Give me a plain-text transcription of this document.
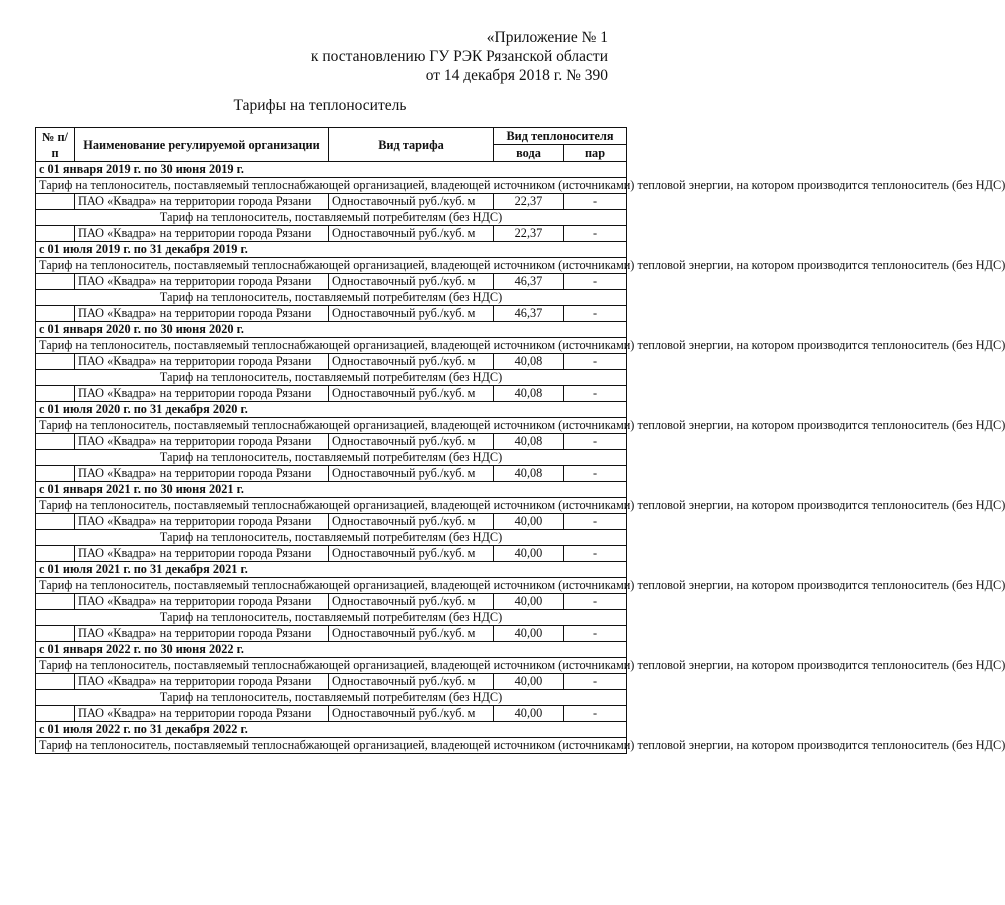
«Приложение № 1
к постановлению ГУ РЭК Рязанской области
от 14 декабря 2018 г. № 390
Тарифы на теплоноситель
№ п/п	Наименование регулируемой организации	Вид тарифа	Вид теплоносителя	
			вода	пар
с 01 января 2019 г. по 30 июня 2019 г.				
Тариф на теплоноситель, поставляемый теплоснабжающей организацией, владеющей источником (источниками) тепловой энергии, на котором производится теплоноситель (без НДС)				
	ПАО «Квадра» на территории города Рязани	Одноставочный руб./куб. м	22,37	-
Тариф на теплоноситель, поставляемый потребителям (без НДС)				
	ПАО «Квадра» на территории города Рязани	Одноставочный руб./куб. м	22,37	-
с 01 июля 2019 г. по 31 декабря 2019 г.				
Тариф на теплоноситель, поставляемый теплоснабжающей организацией, владеющей источником (источниками) тепловой энергии, на котором производится теплоноситель (без НДС)				
	ПАО «Квадра» на территории города Рязани	Одноставочный руб./куб. м	46,37	-
Тариф на теплоноситель, поставляемый потребителям (без НДС)				
	ПАО «Квадра» на территории города Рязани	Одноставочный руб./куб. м	46,37	-
с 01 января 2020 г. по 30 июня 2020 г.				
Тариф на теплоноситель, поставляемый теплоснабжающей организацией, владеющей источником (источниками) тепловой энергии, на котором производится теплоноситель (без НДС)				
	ПАО «Квадра» на территории города Рязани	Одноставочный руб./куб. м	40,08	-
Тариф на теплоноситель, поставляемый потребителям (без НДС)				
	ПАО «Квадра» на территории города Рязани	Одноставочный руб./куб. м	40,08	-
с 01 июля 2020 г. по 31 декабря 2020 г.				
Тариф на теплоноситель, поставляемый теплоснабжающей организацией, владеющей источником (источниками) тепловой энергии, на котором производится теплоноситель (без НДС)				
	ПАО «Квадра» на территории города Рязани	Одноставочный руб./куб. м	40,08	-
Тариф на теплоноситель, поставляемый потребителям (без НДС)				
	ПАО «Квадра» на территории города Рязани	Одноставочный руб./куб. м	40,08	-
с 01 января 2021 г. по 30 июня 2021 г.				
Тариф на теплоноситель, поставляемый теплоснабжающей организацией, владеющей источником (источниками) тепловой энергии, на котором производится теплоноситель (без НДС)				
	ПАО «Квадра» на территории города Рязани	Одноставочный руб./куб. м	40,00	-
Тариф на теплоноситель, поставляемый потребителям (без НДС)				
	ПАО «Квадра» на территории города Рязани	Одноставочный руб./куб. м	40,00	-
с 01 июля 2021 г. по 31 декабря 2021 г.				
Тариф на теплоноситель, поставляемый теплоснабжающей организацией, владеющей источником (источниками) тепловой энергии, на котором производится теплоноситель (без НДС)				
	ПАО «Квадра» на территории города Рязани	Одноставочный руб./куб. м	40,00	-
Тариф на теплоноситель, поставляемый потребителям (без НДС)				
	ПАО «Квадра» на территории города Рязани	Одноставочный руб./куб. м	40,00	-
с 01 января 2022 г. по 30 июня 2022 г.				
Тариф на теплоноситель, поставляемый теплоснабжающей организацией, владеющей источником (источниками) тепловой энергии, на котором производится теплоноситель (без НДС)				
	ПАО «Квадра» на территории города Рязани	Одноставочный руб./куб. м	40,00	-
Тариф на теплоноситель, поставляемый потребителям (без НДС)				
	ПАО «Квадра» на территории города Рязани	Одноставочный руб./куб. м	40,00	-
с 01 июля 2022 г. по 31 декабря 2022 г.				
Тариф на теплоноситель, поставляемый теплоснабжающей организацией, владеющей источником (источниками) тепловой энергии, на котором производится теплоноситель (без НДС)				
